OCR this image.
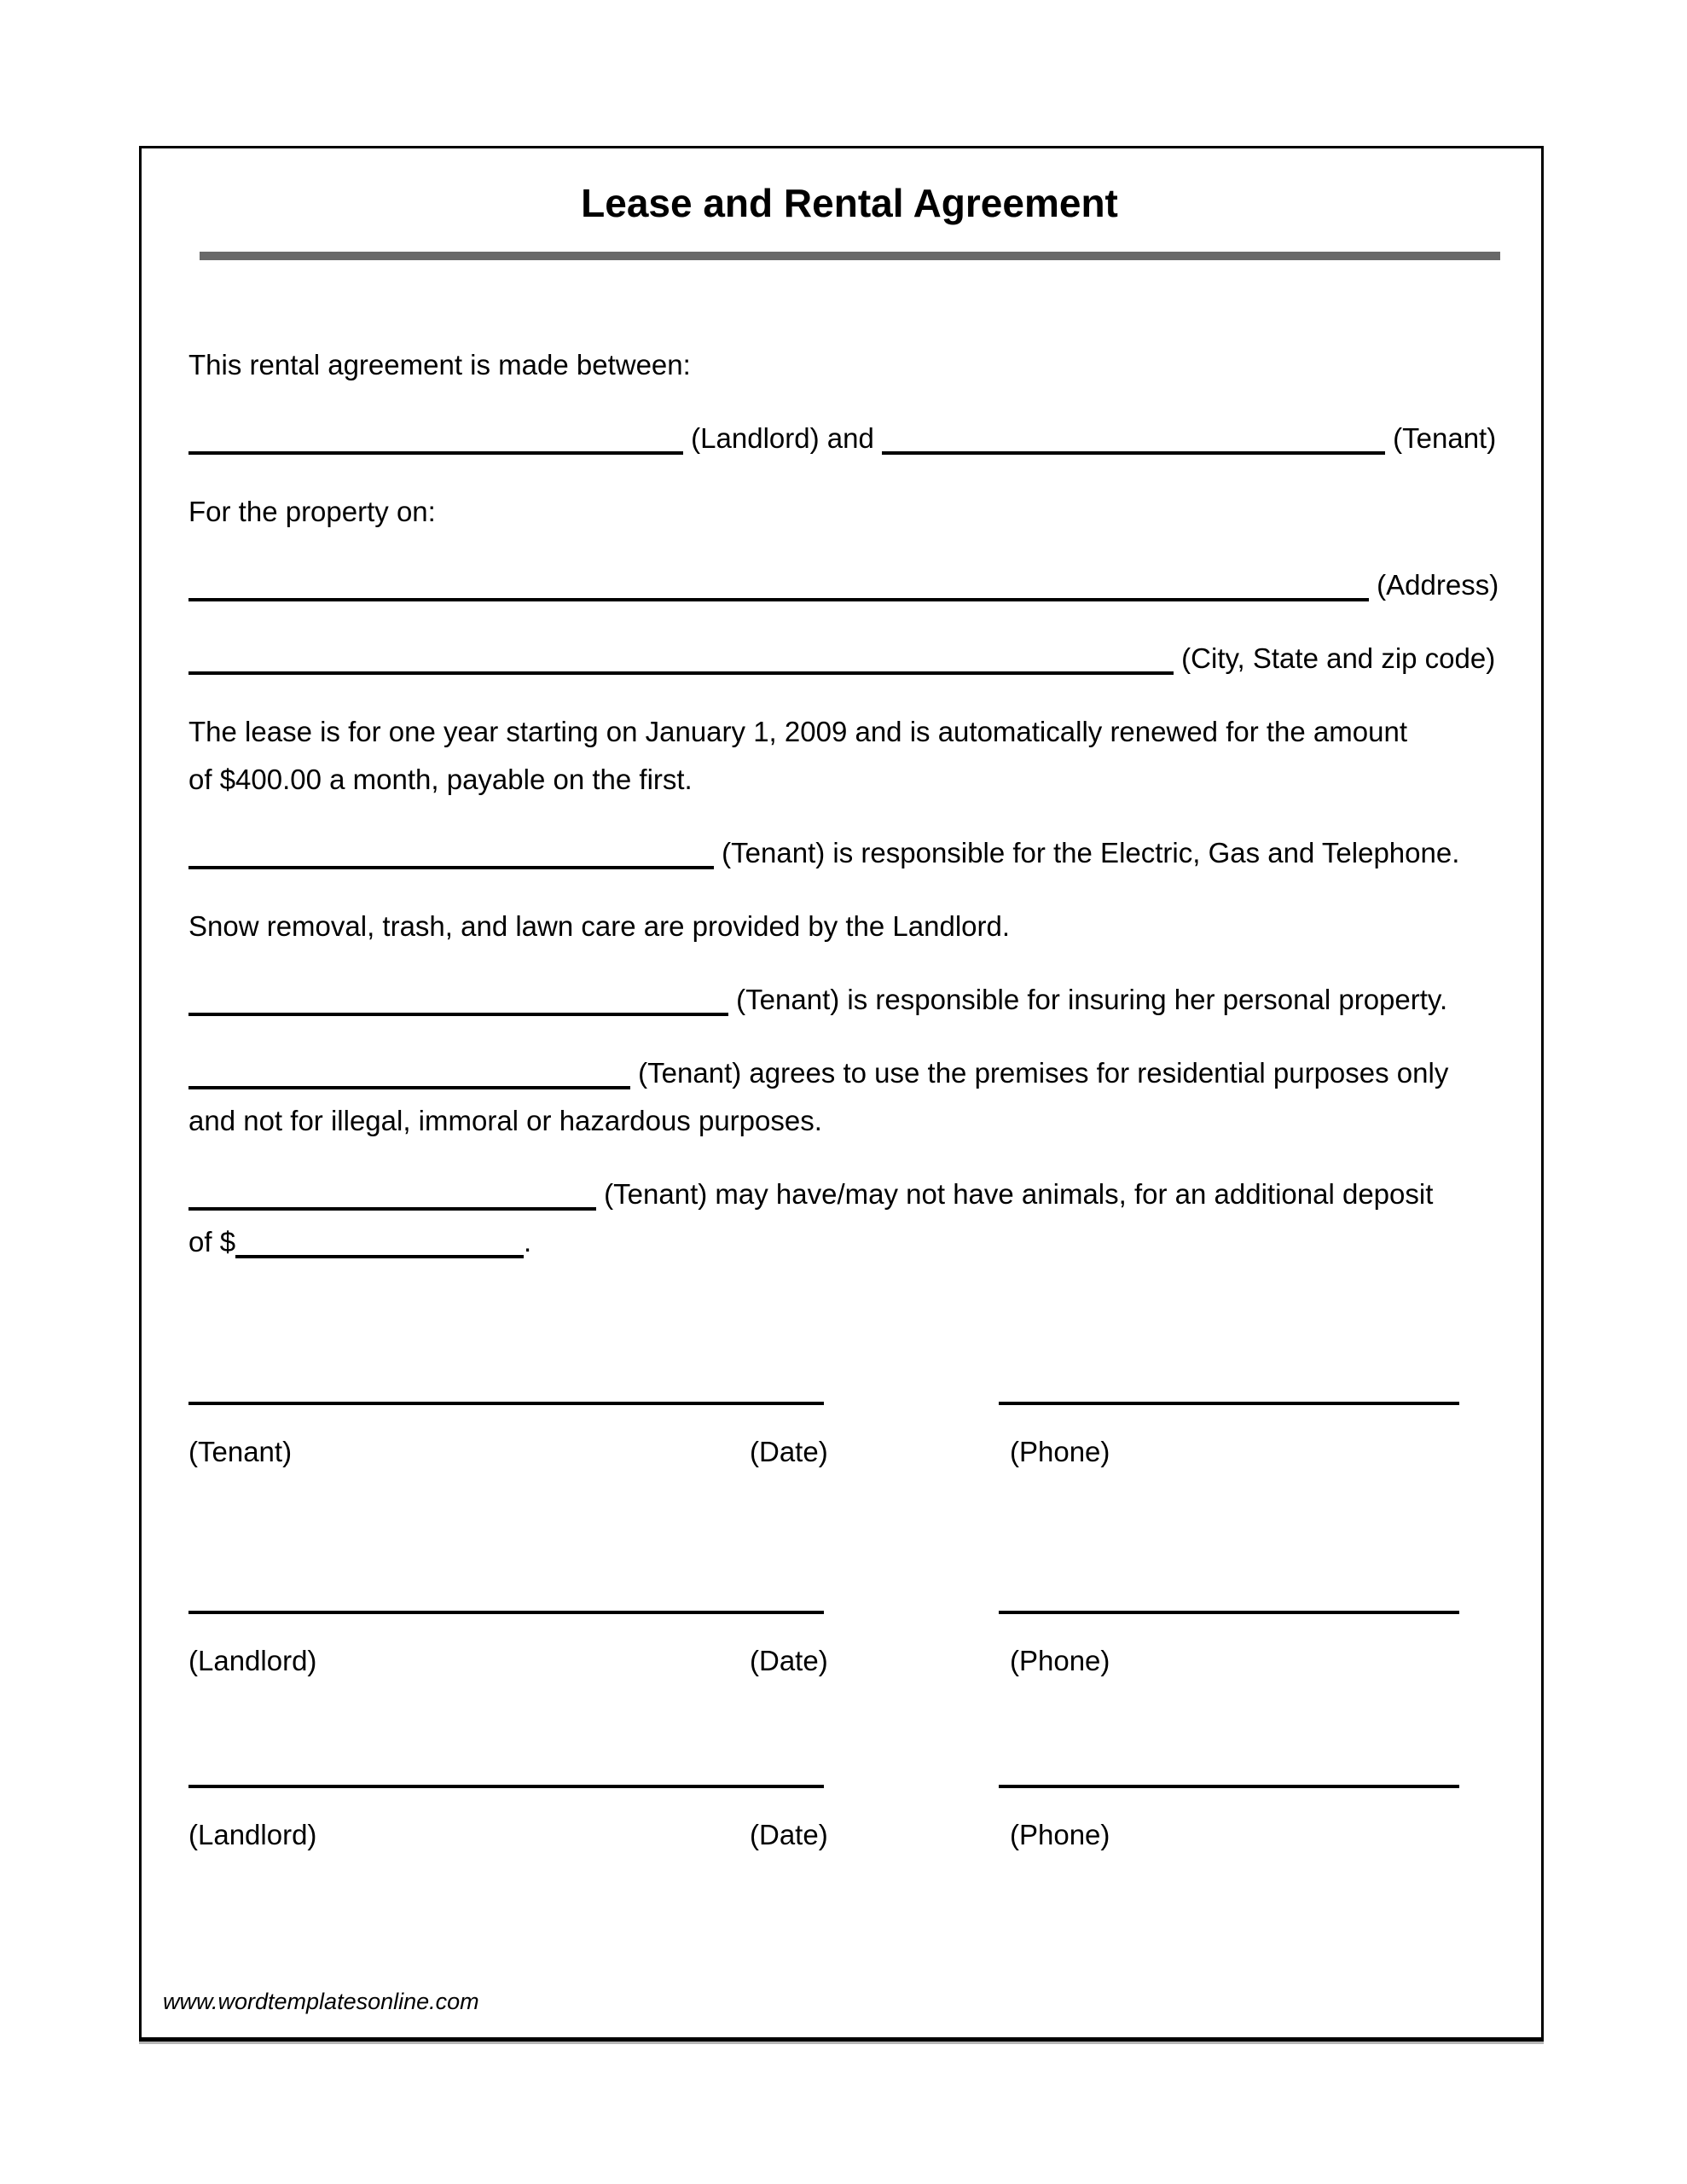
Lease and Rental Agreement

This rental agreement is made between:

(Landlord) and	(Tenant)

For the property on:

(Address)

(City, State and zip code)

The lease is for one year starting on January 1, 2009 and is automatically renewed for the amount
of $400.00 a month, payable on the first.

(Tenant) is responsible for the Electric, Gas and Telephone.

Snow removal, trash, and lawn care are provided by the Landlord.

(Tenant) is responsible for insuring her personal property.

(Tenant) agrees to use the premises for residential purposes only
and not for illegal, immoral or hazardous purposes.

(Tenant) may have/may not have animals, for an additional deposit
of $	.

(Tenant)	(Date)	(Phone)
(Landlord)	(Date)	(Phone)
(Landlord)	(Date)	(Phone)
www.wordtemplatesonline.com
